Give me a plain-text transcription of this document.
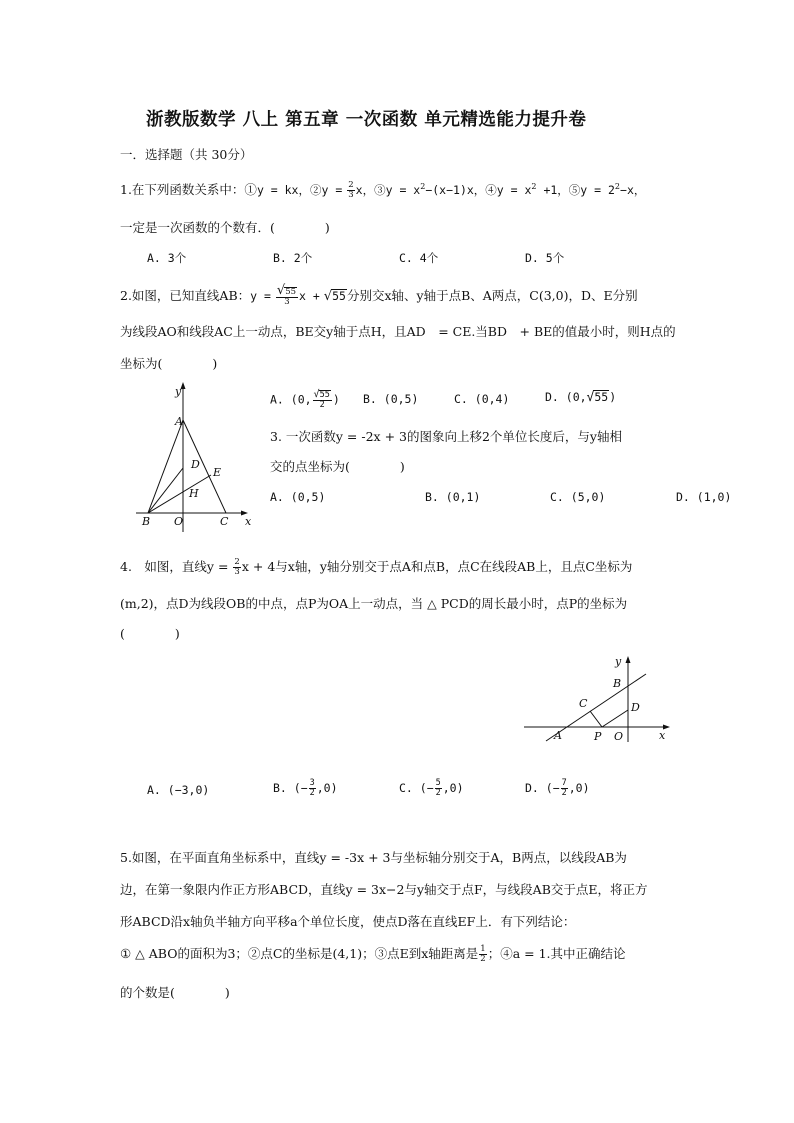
浙教版数学 八上 第五章 一次函数 单元精选能力提升卷
一．选择题（共 30分）
1.在下列函数关系中：①y = kx，②y = $\frac{2}{3}$ x，③y = $x^2-(x-1)x$，④y = $x^2 +1$，⑤y = $2^2-x$，
一定是一次函数的个数有．(　　　　)
A. 3个	B. 2个	C. 4个	D. 5个
2.如图，已知直线AB：$y = \frac{√55}{3}$ x + √55分别交x轴、y轴于点B、A两点，C(3,0)，D、E分别
为线段AO和线段AC上一动点，BE交y轴于点H，且AD　= CE.当BD　+ BE的值最小时，则H点的
坐标为(　　　　)
y
A
D
E
H
B O	C x
A. (0, $\frac{√55}{2}$ ) B. (0,5)	C. (0,4)	D. (0,√55)
3. 一次函数y = -2x + 3的图象向上移2个单位长度后，与y轴相
交的点坐标为(　　　　)
A. (0,5)	B. (0,1)	C. (5,0)	D. (1,0)
4.　如图，直线$y = \frac{2}{3}$ x + 4与x轴，y轴分别交于点A和点B，点C在线段AB上，且点C坐标为
(m,2)，点D为线段OB的中点，点P为OA上一动点，当 △ PCD的周长最小时，点P的坐标为
(　　　　)
y
B
C	D
A	P O	x
A. (−3,0)	B. (− $\frac{3}{2} ,0$)	C. (− $\frac{5}{2} ,0$)	D. (− $\frac{7}{2} ,0$)
5.如图，在平面直角坐标系中，直线y = -3x + 3与坐标轴分别交于A，B两点，以线段AB为
边，在第一象限内作正方形ABCD，直线y = 3x−2与y轴交于点F，与线段AB交于点E，将正方
形ABCD沿x轴负半轴方向平移a个单位长度，使点D落在直线EF上．有下列结论：
① △ ABO的面积为3；②点C的坐标是(4,1)；③点E到x轴距离是 $\frac{1}{2}$ ；④a = 1.其中正确结论
的个数是(　　　　)
